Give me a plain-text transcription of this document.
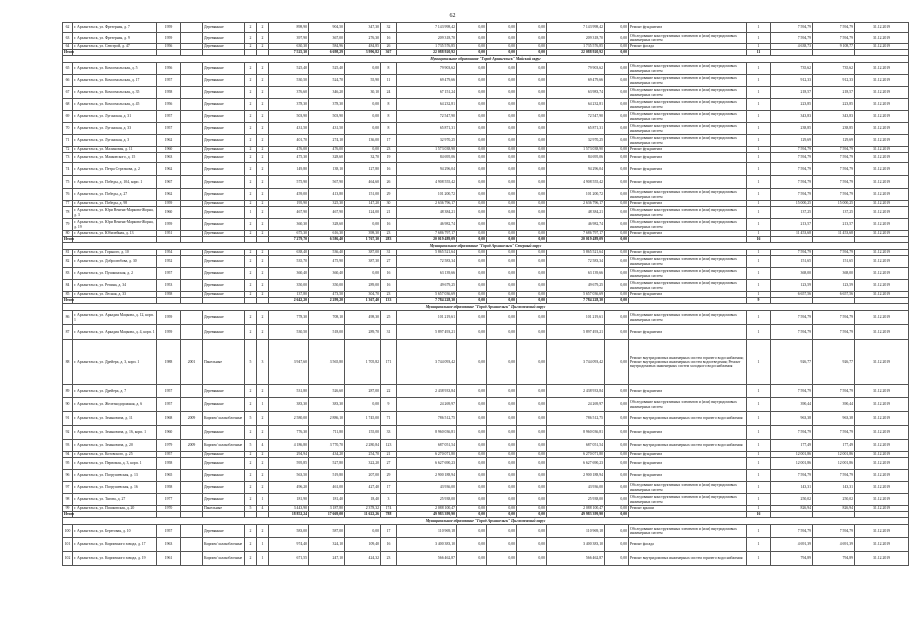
62
62	г. Архангельск, ул. Фрезерная, д. 7	1959		Деревянные	2	2	898,90	904,50	347,30	32	7 143 998,42	0,00	0,00	0,00	7 143 998,42	0,00	Ремонт фундамента	1	7 594,79	7 594,79	31.12.2019
63	г. Архангельск, ул. Фрезерная, д. 9	1959		Деревянные	2	2	397,90	367,00	276,30	16	209 318,70	0,00	0,00	0,00	209 318,70	0,00	Обследование конструктивных элементов и (или) внутридомовых инженерных систем	1	7 594,79	7 594,79	31.12.2019
64	г. Архангельск, ул. Севстрой, д. 47	1956		Деревянные	2	2	630,30	584,96	484,85	26	1 735 576,85	0,00	0,00	0,00	1 735 576,85	0,00	Ремонт фасада	1	4 638,73	9 108,77	31.12.2019
Итого							7 525,30	6 698,29	3 996,82	367	22 088 920,92	0,00	0,00	0,00	22 088 920,92	0,00		11			
Муниципальное образование "Город Архангельск" Майский округ																					
65	г. Архангельск, ул. Комсомольская, д. 5	1956		Деревянные	2	2	525,40	525,40	0,00	8	79 903,62	0,00	0,00	0,00	79 903,62	0,00	Обследование конструктивных элементов и (или) внутридомовых инженерных систем	1	735,62	735,62	31.12.2019
66	г. Архангельск, ул. Комсомольская, д. 17	1957		Деревянные	2	2	530,50	524,70	55,90	11	69 479,66	0,00	0,00	0,00	69 479,66	0,00	Обследование конструктивных элементов и (или) внутридомовых инженерных систем	1	912,33	912,33	31.12.2019
67	г. Архангельск, ул. Комсомольская, д. 35	1958		Деревянные	2	2	376,60	346,20	30,10	24	67 151,24	0,00	0,00	0,00	63 983,74	0,00	Обследование конструктивных элементов и (или) внутридомовых инженерных систем	1	218,57	218,57	31.12.2019
68	г. Архангельск, ул. Комсомольская, д. 45	1956		Деревянные	2	2	378,30	378,30	0,00	8	64 232,81	0,00	0,00	0,00	64 232,81	0,00	Обследование конструктивных элементов и (или) внутридомовых инженерных систем	1	223,85	223,85	31.12.2019
69	г. Архангельск, ул. Луганская, д. 31	1957		Деревянные	2	2	503,90	503,90	0,00	8	72 547,90	0,00	0,00	0,00	72 547,90	0,00	Обследование конструктивных элементов и (или) внутридомовых инженерных систем	1	343,83	343,83	31.12.2019
70	г. Архангельск, ул. Луганская, д. 33	1957		Деревянные	2	2	431,50	431,50	0,00	8	65 871,31	0,00	0,00	0,00	65 871,31	0,00	Обследование конструктивных элементов и (или) внутридомовых инженерных систем	1	238,85	238,85	31.12.2019
71	г. Архангельск, ул. Луганская, д. 3	1962		Деревянные	2	2	401,70	274,10	136,00	17	32 970,25	0,00	0,00	0,00	32 970,25	0,00	Обследование конструктивных элементов и (или) внутридомовых инженерных систем	1	129,69	129,69	31.12.2019
72	г. Архангельск, ул. Малиновая, д. 11	1960		Деревянные	2	2	476,00	476,00	0,00	23	1 573 038,90	0,00	0,00	0,00	1 573 038,90	0,00	Ремонт фундамента	1	7 594,79	7 594,79	31.12.2019
73	г. Архангельск, ул. Маяковского, д. 15	1963		Деревянные	2	2	475,30	328,60	32,70	19	84 695,06	0,00	0,00	0,00	84 695,06	0,00	Ремонт фундамента	1	7 594,79	7 594,79	31.12.2019
74	г. Архангельск, ул. Петра Стрелкова, д. 2	1962		Деревянные	2	2	149,80	138,10	127,80	16	94 296,04	0,00	0,00	0,00	94 296,04	0,00	Ремонт фундамента	1	7 594,79	7 594,79	31.12.2019
75	г. Архангельск, ул. Победы, д. 104, корп. 1	1967		Деревянные	2	2	575,90	567,90	464,60	26	4 908 555,42	0,00	0,00	0,00	4 908 555,42	0,00	Ремонт фундамента	1	7 594,79	7 594,79	31.12.2019
76	г. Архангельск, ул. Победы, д. 27	1962		Деревянные	2	2	459,00	413,80	151,00	29	101 200,72	0,00	0,00	0,00	101 200,72	0,00	Обследование конструктивных элементов и (или) внутридомовых инженерных систем	1	7 594,79	7 594,79	31.12.2019
77	г. Архангельск, ул. Победы, д. 98	1959		Деревянные	2	2	195,90	325,30	147,20	30	2 636 796,17	0,00	0,00	0,00	2 636 796,17	0,00	Ремонт фундамента	1	15 000,25	15 000,25	31.12.2019
78	г. Архангельск, ул. Юри Венена-Маркова-Жорна, д. 3	1960		Деревянные	1	2	467,90	467,90	124,00	21	48 384,21	0,00	0,00	0,00	48 384,21	0,00	Обследование конструктивных элементов и (или) внутридомовых инженерных систем	1	137,25	137,25	31.12.2019
79	г. Архангельск, ул. Юри Венена-Маркова-Жорна, д. 19	1959		Деревянные	2	2	360,30	328,60	0,00	16	46 982,74	0,00	0,00	0,00	46 982,74	0,00	Обследование конструктивных элементов и (или) внутридомовых инженерных систем	1	213,57	213,57	31.12.2019
80	г. Архангельск, ул. Юбилейная, д. 13	1951		Деревянные	2	2	675,30	616,30	398,30	23	7 686 797,17	0,00	0,00	0,00	7 686 797,17	0,00	Ремонт фундамента	1	11 453,68	11 453,68	31.12.2019
Итого							7 279,70	6 586,40	1 767,30	283	20 019 489,09	0,00	0,00	0,00	20 019 489,09	0,00		16			
Муниципальное образование "Город Архангельск" Северный округ																					
81	г. Архангельск, ул. Горького, д. 10	1954		Деревянные	2	2	638,40	536,40	387,00	31	5 865 521,64	0,00	0,00	0,00	5 865 521,64	0,00	Ремонт фундамента	1	7 594,79	7 594,79	31.12.2019
82	г. Архангельск, ул. Добролюбова, д. 30	1952		Деревянные	2	2	535,70	475,90	387,30	27	72 583,34	0,00	0,00	0,00	72 583,34	0,00	Обследование конструктивных элементов и (или) внутридомовых инженерных систем	1	151,65	151,65	31.12.2019
83	г. Архангельск, ул. Пушкинская, д. 2	1957		Деревянные	2	2	360,40	360,40	0,00	16	63 139,66	0,00	0,00	0,00	63 139,66	0,00	Обследование конструктивных элементов и (или) внутридомовых инженерных систем	1	368,00	368,00	31.12.2019
84	г. Архангельск, ул. Репина, д. 34	1953		Деревянные	2	2	350,00	350,00	289,00	16	49 679,25	0,00	0,00	0,00	49 679,25	0,00	Обследование конструктивных элементов и (или) внутридомовых инженерных систем	1	123,59	123,59	31.12.2019
85	г. Архангельск, ул. Лесная, д. 33	1958		Деревянные	2	2	137,80	473,50	304,70	23	5 657 036,69	0,00	0,00	0,00	5 657 036,69	0,00	Ремонт фундамента	1	6 657,56	6 657,56	31.12.2019
Итого							2 642,20	2 299,20	1 367,40	133	7 784 228,30	0,00	0,00	0,00	7 784 228,30	0,00		9			
Муниципальное образование "Город Архангельск" Цигломенский округ																					
86	г. Архангельск, ул. Аркадия Мацкова, д. 12, корп. 1	1959		Деревянные	2	2	778,30	708,10	498,30	25	101 219,61	0,00	0,00	0,00	101 219,61	0,00	Обследование конструктивных элементов и (или) внутридомовых инженерных систем	1	7 594,79	7 594,79	31.12.2019
87	г. Архангельск, ул. Аркадия Мацкова, д. 4, корп. 1	1959		Деревянные	2	2	530,50	518,00	289,70	31	5 897 493,21	0,00	0,00	0,00	5 897 493,21	0,00	Ремонт фундамента	1	7 594,79	7 594,79	31.12.2019
88	г. Архангельск, ул. Дрейера, д. 3, корп. 1	1988	2001	Панельные	5	3	3 947,60	3 565,80	1 705,82	171	3 744 093,42	0,00	0,00	0,00	3 744 093,42	0,00	Ремонт внутридомовых инженерных систем горячего водоснабжения; Ремонт внутридомовых инженерных систем водоотведения; Ремонт внутридомовых инженерных систем холодного водоснабжения	1	926,77	926,77	31.12.2019
89	г. Архангельск, ул. Дрейера, д. 7	1957		Деревянные	2	2	531,80	526,60	287,00	22	2 438 933,84	0,00	0,00	0,00	2 438 933,84	0,00	Ремонт фундамента	1	7 594,79	7 594,79	31.12.2019
90	г. Архангельск, ул. Железнодорожная, д. 6	1957		Деревянные	2	1	383,30	383,30	0,00	9	24 269,97	0,00	0,00	0,00	24 269,97	0,00	Обследование конструктивных элементов и (или) внутридомовых инженерных систем	1	390,44	390,44	31.12.2019
91	г. Архангельск, ул. Зеньковича, д. 11	1968	2009	Кирпич/ шлакоблочные	5	2	2 580,00	2 886,10	1 745,00	71	786 512,75	0,00	0,00	0,00	786 512,75	0,00	Ремонт внутридомовых инженерных систем горячего водоснабжения	1	963,38	963,38	31.12.2019
92	г. Архангельск, ул. Зеньковича, д. 16, корп. 1	1960		Деревянные	2	2	776,30	711,80	155,00	33	8 960 036,81	0,00	0,00	0,00	8 960 036,81	0,00	Ремонт фундамента	1	7 594,79	7 594,79	31.12.2019
93	г. Архангельск, ул. Зеньковича, д. 20	1979	2009	Кирпич/ шлакоблочные	5	4	4 186,80	3 770,70	2 280,84	123	687 051,54	0,00	0,00	0,00	687 051,54	0,00	Ремонт внутридомовых инженерных систем горячего водоснабжения	1	177,49	177,49	31.12.2019
94	г. Архангельск, ул. Котовского, д. 25	1957		Деревянные	2	2	294,94	434,20	254,70	21	6 270 071,80	0,00	0,00	0,00	6 270 071,80	0,00	Ремонт фундамента	1	12 001,86	12 001,86	31.12.2019
95	г. Архангельск, ул. Первомая, д. 3, корп. 1	1958		Деревянные	2	2	595,85	527,80	322,20	27	6 627 690,23	0,00	0,00	0,00	6 627 690,23	0,00	Ремонт фундамента	1	12 001,86	12 001,86	31.12.2019
96	г. Архангельск, ул. Погрушевская, д. 13	1965		Деревянные	2	2	563,50	519,80	207,00	29	2 900 188,94	0,00	0,00	0,00	2 900 188,94	0,00	Ремонт фундамента	1	7 594,79	7 594,79	31.12.2019
97	г. Архангельск, ул. Погрушевская, д. 16	1958		Деревянные	2	2	496,20	461,00	427,40	17	43 936,00	0,00	0,00	0,00	43 936,00	0,00	Обследование конструктивных элементов и (или) внутридомовых инженерных систем	1	143,31	143,31	31.12.2019
98	г. Архангельск, ул. Тягова, д. 27	1977		Деревянные	2	1	181,90	181,40	18,40	3	25 938,00	0,00	0,00	0,00	25 938,00	0,00	Обследование конструктивных элементов и (или) внутридомовых инженерных систем	1	250,02	250,02	31.12.2019
99	г. Архангельск, ул. Пошковская, д. 20	1970		Панельные	5	4	3 443,90	3 187,80	2 378,32	174	2 088 100,47	0,00	0,00	0,00	2 088 100,47	0,00	Ремонт крыши	1	826,94	826,94	31.12.2019
Итого							18 852,24	17 669,00	11 622,26	788	49 983 399,90	0,00	0,00	0,00	49 983 399,90	0,00		16			
Муниципальное образование "Город Архангельск" Цигломенский округ																					
100	г. Архангельск, ул. Береговая, д. 10	1957		Деревянные	2	2	583,00	587,00	0,00	17	110 969,18	0,00	0,00	0,00	110 969,18	0,00	Обследование конструктивных элементов и (или) внутридомовых инженерных систем	1	7 594,79	7 594,79	31.12.2019
101	г. Архангельск, ул. Кирпичного завода, д. 17	1963		Кирпич/ шлакоблочные	2	1	974,40	324,10	109,40	16	3 400 383,10	0,00	0,00	0,00	3 400 383,10	0,00	Ремонт фасада	1	4 691,39	4 691,39	31.12.2019
102	г. Архангельск, ул. Кирпичного завода, д. 19	1961		Кирпич/ шлакоблочные	2	1	671,55	247,10	424,32	23	566 462,87	0,00	0,00	0,00	566 462,87	0,00	Ремонт внутридомовых инженерных систем горячего водоснабжения	1	794,89	794,89	31.12.2019
